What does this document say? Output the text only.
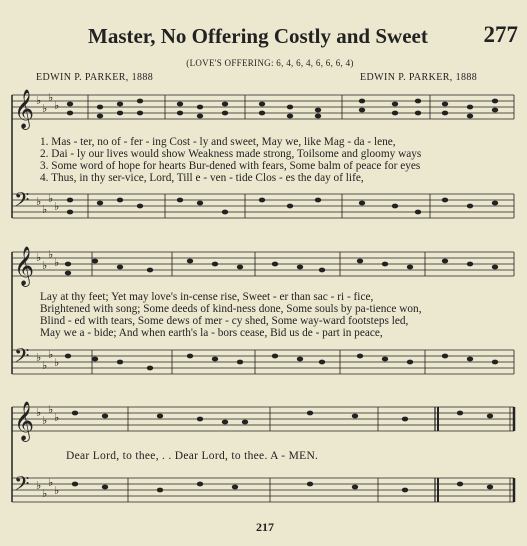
Master, No Offering Costly and Sweet	277
(LOVE'S OFFERING: 6, 4, 6, 4, 6, 6, 6, 4)
EDWIN P. PARKER, 1888	EDWIN P. PARKER, 1888
𝄞
𝄢
𝄞
𝄢
𝄞
𝄢
♭
♭
♭
♭
♭
♭
♭
♭
♭
♭
♭
♭
♭
♭
♭
♭
♭
♭
♭
♭
♭
♭
♭
♭
1. Mas - ter, no of - fer - ing Cost - ly and sweet, May we, like Mag - da - lene,
2. Dai - ly our lives would show Weakness made strong, Toilsome and gloomy ways
3. Some word of hope for hearts Bur-dened with fears, Some balm of peace for eyes
4. Thus, in thy ser-vice, Lord, Till e - ven - tide Clos - es the day of life,
Lay at thy feet; Yet may love's in-cense rise, Sweet - er than sac - ri - fice,
Brightened with song; Some deeds of kind-ness done, Some souls by pa-tience won,
Blind - ed with tears, Some dews of mer - cy shed, Some way-ward footsteps led,
May we a - bide; And when earth's la - bors cease, Bid us de - part in peace,
Dear Lord, to thee, . . Dear Lord, to thee. A - MEN.
217
